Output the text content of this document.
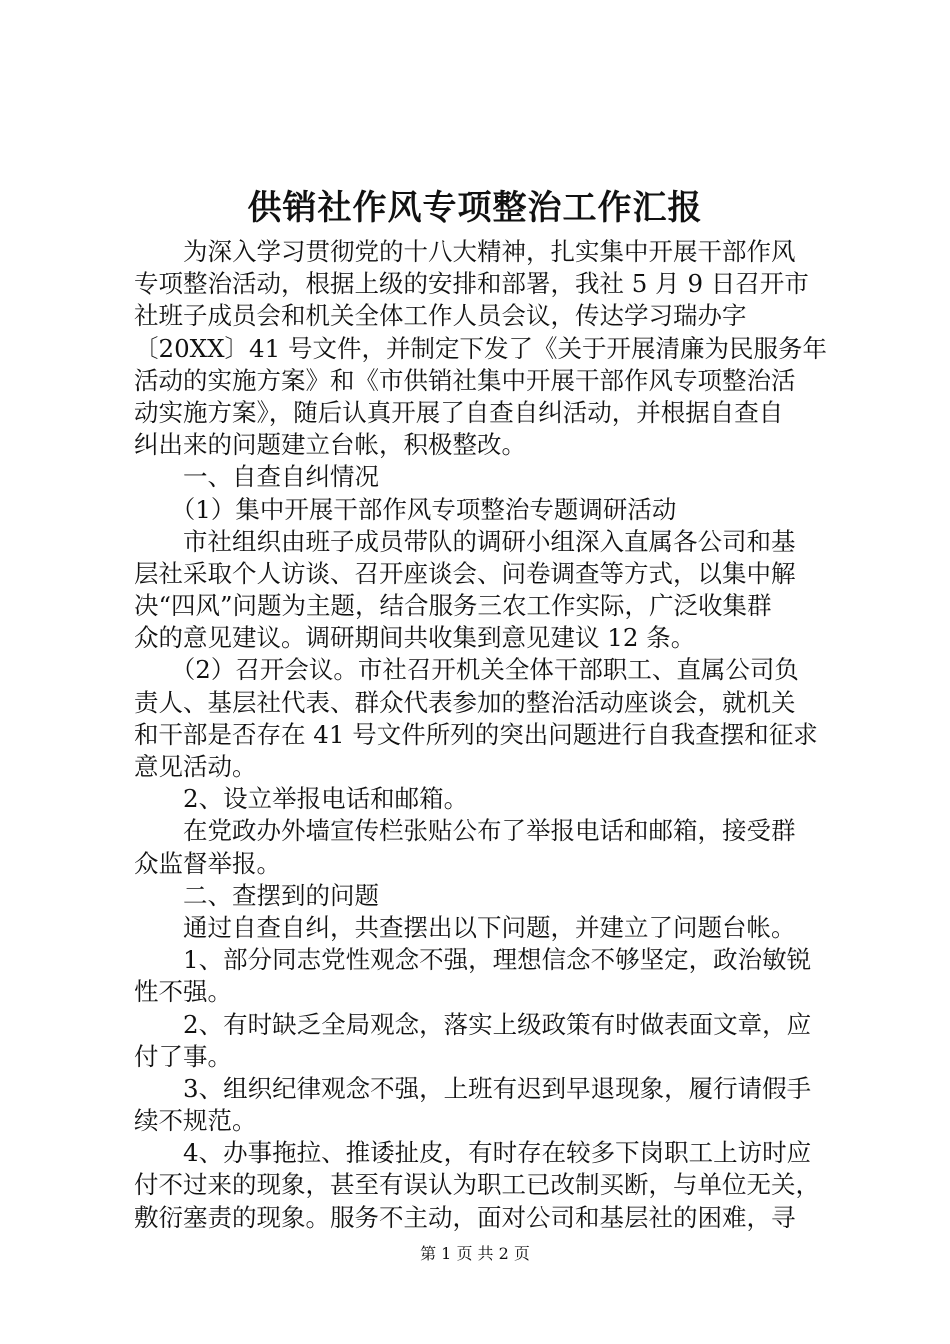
供销社作风专项整治工作汇报
　　为深入学习贯彻党的十八大精神，扎实集中开展干部作风
专项整治活动，根据上级的安排和部署，我社 5 月 9 日召开市
社班子成员会和机关全体工作人员会议，传达学习瑞办字
〔20XX〕41 号文件，并制定下发了《关于开展清廉为民服务年
活动的实施方案》和《市供销社集中开展干部作风专项整治活
动实施方案》，随后认真开展了自查自纠活动，并根据自查自
纠出来的问题建立台帐，积极整改。
　　一、自查自纠情况
　　（1）集中开展干部作风专项整治专题调研活动
　　市社组织由班子成员带队的调研小组深入直属各公司和基
层社采取个人访谈、召开座谈会、问卷调查等方式，以集中解
决“四风”问题为主题，结合服务三农工作实际，广泛收集群
众的意见建议。调研期间共收集到意见建议 12 条。
　　（2）召开会议。市社召开机关全体干部职工、直属公司负
责人、基层社代表、群众代表参加的整治活动座谈会，就机关
和干部是否存在 41 号文件所列的突出问题进行自我查摆和征求
意见活动。
　　2、设立举报电话和邮箱。
　　在党政办外墙宣传栏张贴公布了举报电话和邮箱，接受群
众监督举报。
　　二、查摆到的问题
　　通过自查自纠，共查摆出以下问题，并建立了问题台帐。
　　1、部分同志党性观念不强，理想信念不够坚定，政治敏锐
性不强。
　　2、有时缺乏全局观念，落实上级政策有时做表面文章，应
付了事。
　　3、组织纪律观念不强，上班有迟到早退现象，履行请假手
续不规范。
　　4、办事拖拉、推诿扯皮，有时存在较多下岗职工上访时应
付不过来的现象，甚至有误认为职工已改制买断，与单位无关，
敷衍塞责的现象。服务不主动，面对公司和基层社的困难，寻
第 1 页 共 2 页
